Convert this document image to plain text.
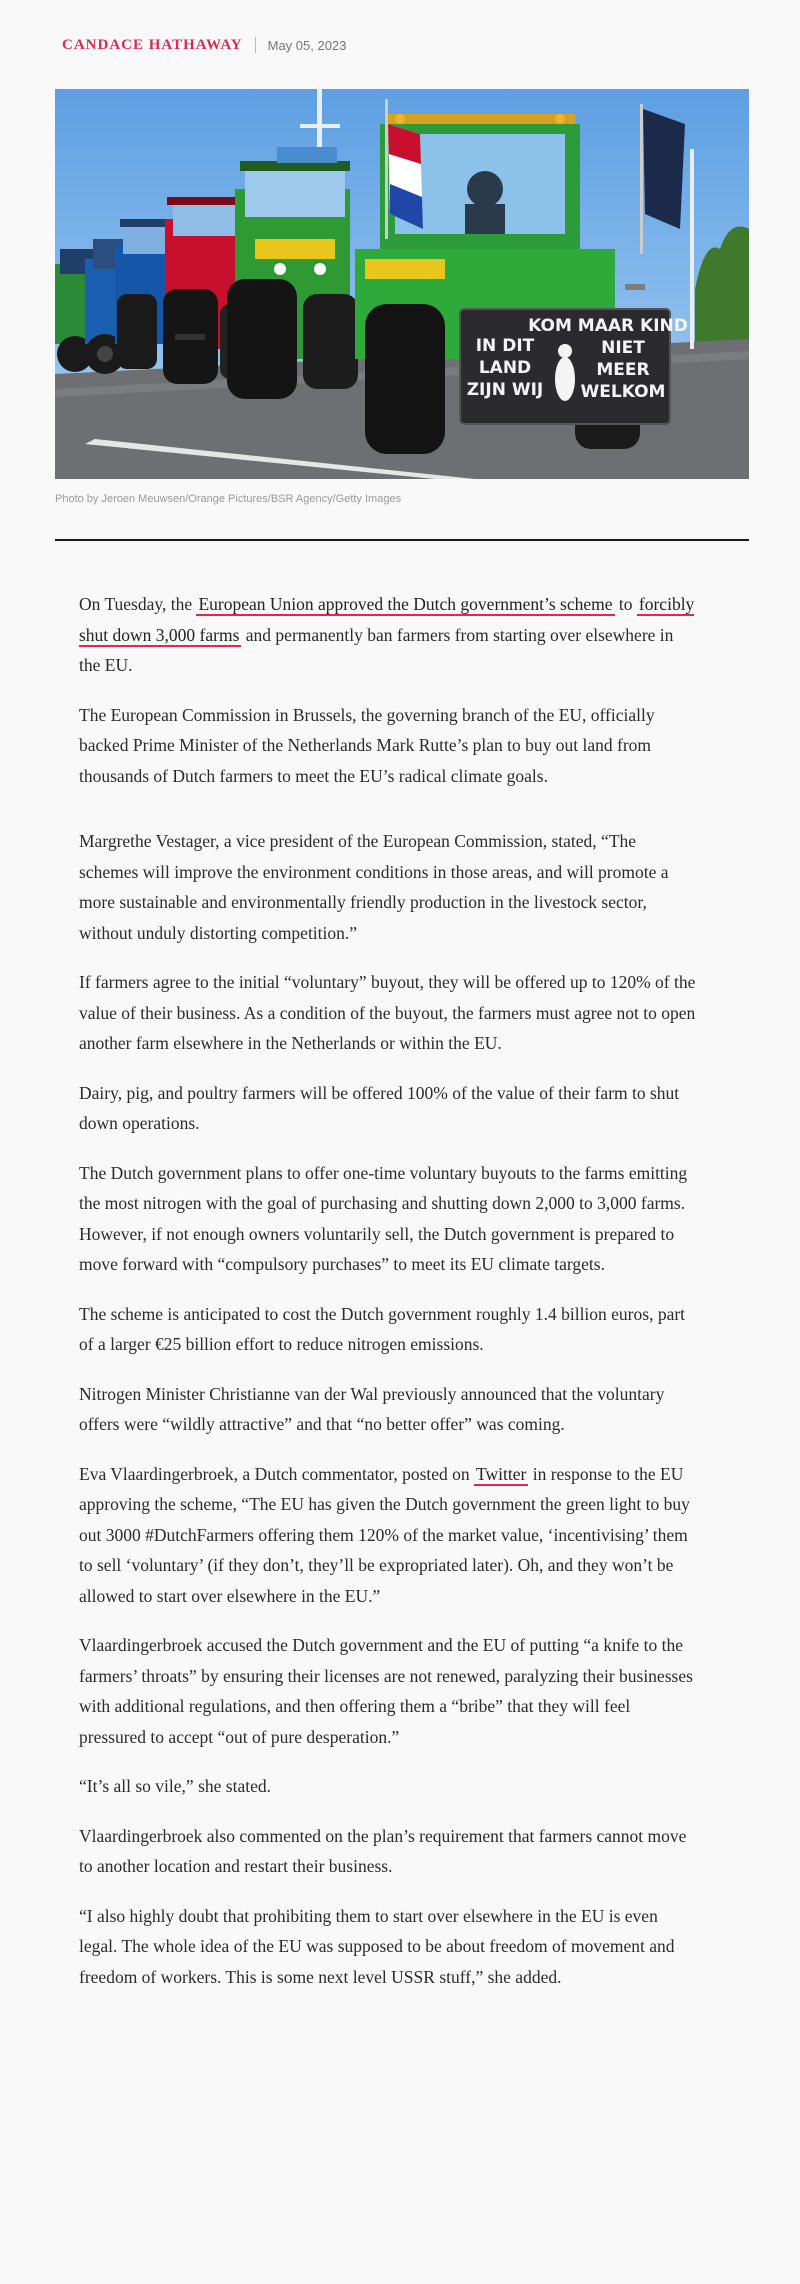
CANDACE HATHAWAY May 05, 2023
IN DIT
LAND
ZIJN WIJ
KOM MAAR KIND
NIET
MEER
WELKOM
Photo by Jeroen Meuwsen/Orange Pictures/BSR Agency/Getty Images

On Tuesday, the European Union approved the Dutch government’s scheme to forcibly shut down 3,000 farms and permanently ban farmers from starting over elsewhere in the EU.

The European Commission in Brussels, the governing branch of the EU, officially backed Prime Minister of the Netherlands Mark Rutte’s plan to buy out land from thousands of Dutch farmers to meet the EU’s radical climate goals.

Margrethe Vestager, a vice president of the European Commission, stated, “The schemes will improve the environment conditions in those areas, and will promote a more sustainable and environmentally friendly production in the livestock sector, without unduly distorting competition.”

If farmers agree to the initial “voluntary” buyout, they will be offered up to 120% of the value of their business. As a condition of the buyout, the farmers must agree not to open another farm elsewhere in the Netherlands or within the EU.

Dairy, pig, and poultry farmers will be offered 100% of the value of their farm to shut down operations.

The Dutch government plans to offer one-time voluntary buyouts to the farms emitting the most nitrogen with the goal of purchasing and shutting down 2,000 to 3,000 farms. However, if not enough owners voluntarily sell, the Dutch government is prepared to move forward with “compulsory purchases” to meet its EU climate targets.

The scheme is anticipated to cost the Dutch government roughly 1.4 billion euros, part of a larger €25 billion effort to reduce nitrogen emissions.

Nitrogen Minister Christianne van der Wal previously announced that the voluntary offers were “wildly attractive” and that “no better offer” was coming.

Eva Vlaardingerbroek, a Dutch commentator, posted on Twitter in response to the EU approving the scheme, “The EU has given the Dutch government the green light to buy out 3000 #DutchFarmers offering them 120% of the market value, ‘incentivising’ them to sell ‘voluntary’ (if they don’t, they’ll be expropriated later). Oh, and they won’t be allowed to start over elsewhere in the EU.”

Vlaardingerbroek accused the Dutch government and the EU of putting “a knife to the farmers’ throats” by ensuring their licenses are not renewed, paralyzing their businesses with additional regulations, and then offering them a “bribe” that they will feel pressured to accept “out of pure desperation.”

“It’s all so vile,” she stated.

Vlaardingerbroek also commented on the plan’s requirement that farmers cannot move to another location and restart their business.

“I also highly doubt that prohibiting them to start over elsewhere in the EU is even legal. The whole idea of the EU was supposed to be about freedom of movement and freedom of workers. This is some next level USSR stuff,” she added.
